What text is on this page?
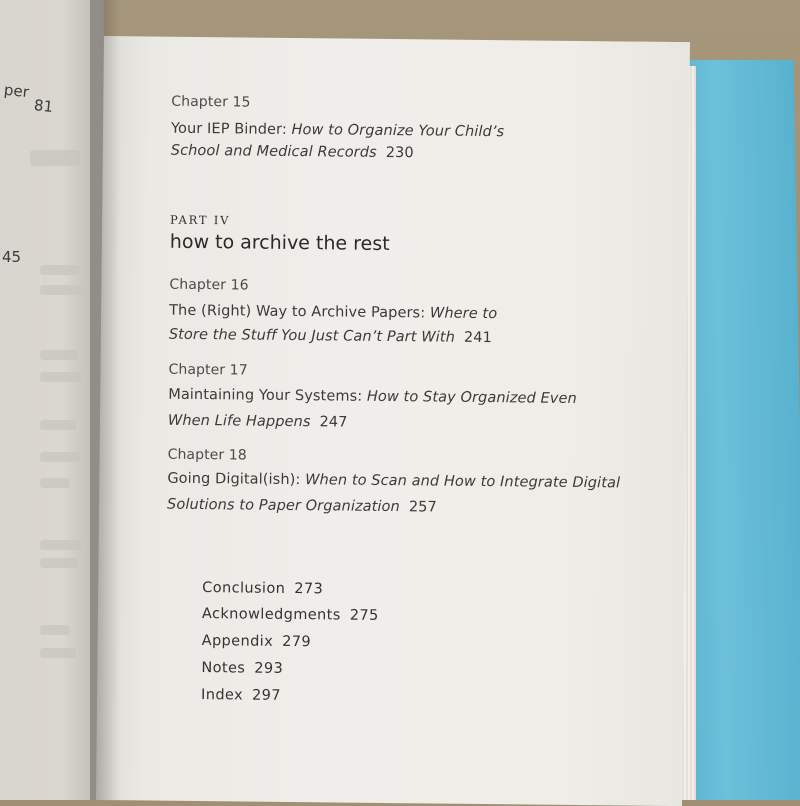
per
81
45
Chapter 15
Your IEP Binder: How to Organize Your Child’s
School and Medical Records 230
PART IV
how to archive the rest
Chapter 16
The (Right) Way to Archive Papers: Where to
Store the Stuff You Just Can’t Part With 241
Chapter 17
Maintaining Your Systems: How to Stay Organized Even
When Life Happens 247
Chapter 18
Going Digital(ish): When to Scan and How to Integrate Digital
Solutions to Paper Organization 257
Conclusion 273
Acknowledgments 275
Appendix 279
Notes 293
Index 297
